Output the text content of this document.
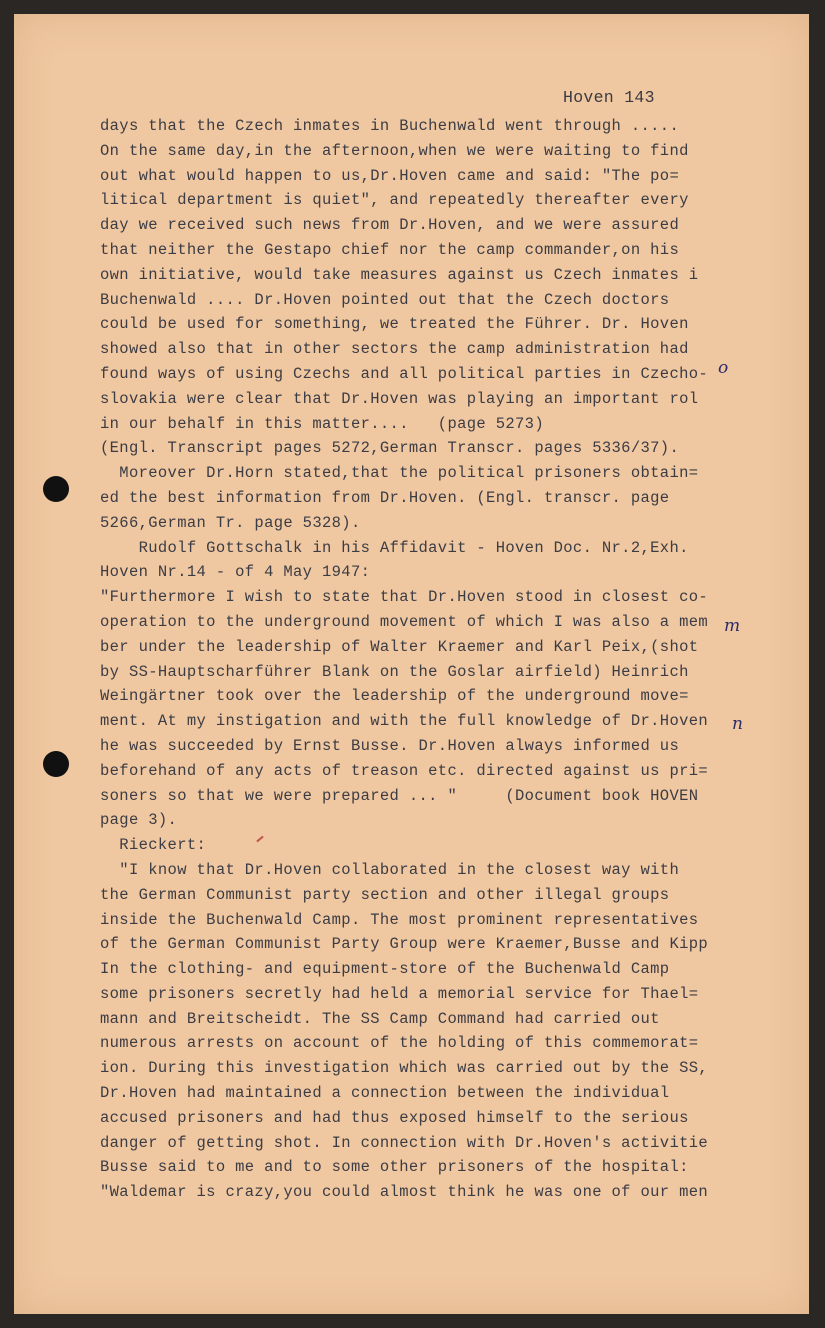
Hoven 143
days that the Czech inmates in Buchenwald went through .....
On the same day,in the afternoon,when we were waiting to find
out what would happen to us,Dr.Hoven came and said: "The po=
litical department is quiet", and repeatedly thereafter every
day we received such news from Dr.Hoven, and we were assured
that neither the Gestapo chief nor the camp commander,on his
own initiative, would take measures against us Czech inmates i
Buchenwald .... Dr.Hoven pointed out that the Czech doctors
could be used for something, we treated the Führer. Dr. Hoven
showed also that in other sectors the camp administration had
found ways of using Czechs and all political parties in Czecho-
slovakia were clear that Dr.Hoven was playing an important rol
in our behalf in this matter....   (page 5273)
(Engl. Transcript pages 5272,German Transcr. pages 5336/37).
Moreover Dr.Horn stated,that the political prisoners obtain=
ed the best information from Dr.Hoven. (Engl. transcr. page
5266,German Tr. page 5328).
Rudolf Gottschalk in his Affidavit - Hoven Doc. Nr.2,Exh.
Hoven Nr.14 - of 4 May 1947:
"Furthermore I wish to state that Dr.Hoven stood in closest co-
operation to the underground movement of which I was also a mem
ber under the leadership of Walter Kraemer and Karl Peix,(shot
by SS-Hauptscharführer Blank on the Goslar airfield) Heinrich
Weingärtner took over the leadership of the underground move=
ment. At my instigation and with the full knowledge of Dr.Hoven
he was succeeded by Ernst Busse. Dr.Hoven always informed us
beforehand of any acts of treason etc. directed against us pri=
soners so that we were prepared ... "     (Document book HOVEN
page 3).
Rieckert:
"I know that Dr.Hoven collaborated in the closest way with
the German Communist party section and other illegal groups
inside the Buchenwald Camp. The most prominent representatives
of the German Communist Party Group were Kraemer,Busse and Kipp
In the clothing- and equipment-store of the Buchenwald Camp
some prisoners secretly had held a memorial service for Thael=
mann and Breitscheidt. The SS Camp Command had carried out
numerous arrests on account of the holding of this commemorat=
ion. During this investigation which was carried out by the SS,
Dr.Hoven had maintained a connection between the individual
accused prisoners and had thus exposed himself to the serious
danger of getting shot. In connection with Dr.Hoven's activitie
Busse said to me and to some other prisoners of the hospital:
"Waldemar is crazy,you could almost think he was one of our men
o
m
n
